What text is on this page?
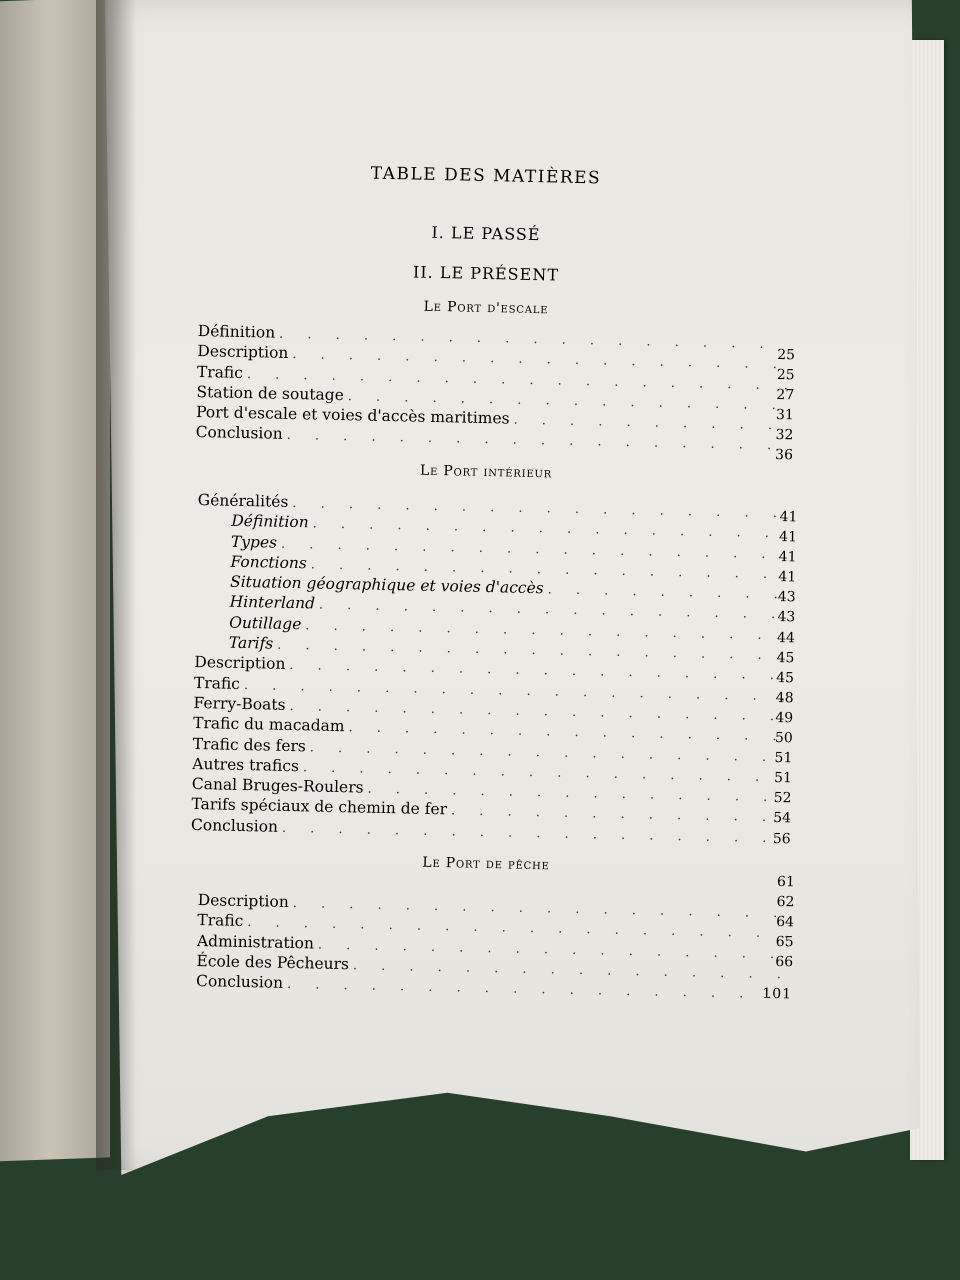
TABLE DES MATIÈRES
I. LE PASSÉ
II. LE PRÉSENT
Le Port d'escale
Définition
. . .
Description
. . .
Trafic
. . .
Station de soutage
. . .
Port d'escale et voies d'accès maritimes
. . .
Conclusion
. . .
25
25
27
31
32
36
Le Port intérieur
Généralités
. . .
Définition
. . .
Types
. . .
Fonctions
. . .
Situation géographique et voies d'accès
. . .
Hinterland
. . .
Outillage
. . .
Tarifs
. . .
Description
. . .
Trafic
. . .
Ferry-Boats
. . .
Trafic du macadam
. . .
Trafic des fers
. . .
Autres trafics
. . .
Canal Bruges-Roulers
. . .
Tarifs spéciaux de chemin de fer
. . .
Conclusion
. . .
41
41
41
41
43
43
44
45
45
48
49
50
51
51
52
54
56
Le Port de pêche
Description
. . .
Trafic
. . .
Administration
. . .
École des Pêcheurs
. . .
Conclusion
. . .
61
62
64
65
66
101
